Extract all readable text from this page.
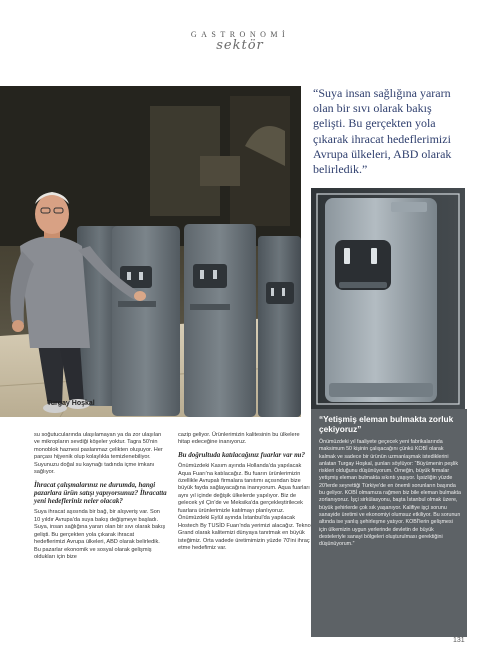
GASTRONOMİ
sektör
Turgay Hoşkal
“Suya insan sağlığına yararn olan bir sıvı olarak bakış gelişti. Bu gerçekten yola çıkarak ihracat hedeflerimizi Avrupa ülkeleri, ABD olarak belirledik.”
“Yetişmiş eleman bulmakta zorluk çekiyoruz”
Önümüzdeki yıl faaliyete geçecek yeni fabrikalarında maksimum 50 kişinin çalışacağını çünkü KOBİ olarak kalmak ve sadece bir ürünün uzmanlaşmak istediklerini anlatan Turgay Hoşkal, şunları söylüyor: “Büyümenin peşlik riskleri olduğunu düşünüyorum. Örneğin, büyük firmalar yetişmiş eleman bulmakta sıkıntı yaşıyor. İşsizliğin yüzde 20'lerde seyrettiği Türkiye'de en önemli sorunların başında bu geliyor. KOBİ olmamıza rağmen biz bile eleman bulmakta zorlanıyoruz. İşçi sirkülasyonu, başta İstanbul olmak üzere, büyük şehirlerde çok sık yaşanıyor. Kalifiye işçi sorunu sanayide üretimi ve ekonomiyi olumsuz etkiliyor. Bu sorunun altında ise yanlış şehirleşme yatıyor. KOBİ'lerin gelişmesi için ülkemizin uygun yerlerinde devletin de büyük desteleriyle sanayi bölgeleri oluşturulması gerektiğini düşünüyorum.”

su soğutucularında ulaşılamayan ya da zor ulaşılan ve mikropların sevdiği köşeler yoktur. Tagra 50'nin monoblok haznesi paslanmaz çelikten oluşuyor. Her parçası hijyenik olup kolaylıkla temizlenebiliyor. Suyunuzu doğal su kaynağı tadında içme imkanı sağlıyor.

İhracat çalışmalarınız ne durumda, hangi pazarlara ürün satışı yapıyorsunuz? İhracatta yeni hedefleriniz neler olacak?

Suya ihracat aşısında bir bağ, bir alışveriş var. Son 10 yıldır Avrupa'da suya bakış değişmeye başladı. Suya, insan sağlığına yararı olan bir sıvı olarak bakış gelişti. Bu gerçekten yola çıkarak ihracat hedeflerimizi Avrupa ülkeleri, ABD olarak belirledik. Bu pazarlar ekonomik ve sosyal olarak gelişmiş oldukları için bize

cazip geliyor. Ürünlerimizin kalitesinin bu ülkelere hitap edeceğine inanıyoruz.

Bu doğrultuda katılacağınız fuarlar var mı?

Önümüzdeki Kasım ayında Hollanda'da yapılacak Aqua Fuarı'na katılacağız. Bu fuarın ürünlerimizin özellikle Avrupalı firmalara tanıtımı açısından bize büyük fayda sağlayacağına inanıyorum. Aqua fuarları aynı yıl içinde değişik ülkelerde yapılıyor. Biz de gelecek yıl Çin'de ve Meksika'da gerçekleştirilecek fuarlara ürünlerimizle katılmayı planlıyoruz. Önümüzdeki Eylül ayında İstanbul'da yapılacak Hostech By TUSİD Fuarı'nda yerimizi alacağız. Tekno Grand olarak kalitemizi dünyaya tanıtmak en büyük isteğimiz. Orta vadede üretimimizin yüzde 70'ini ihraç etme hedefimiz var.

131
